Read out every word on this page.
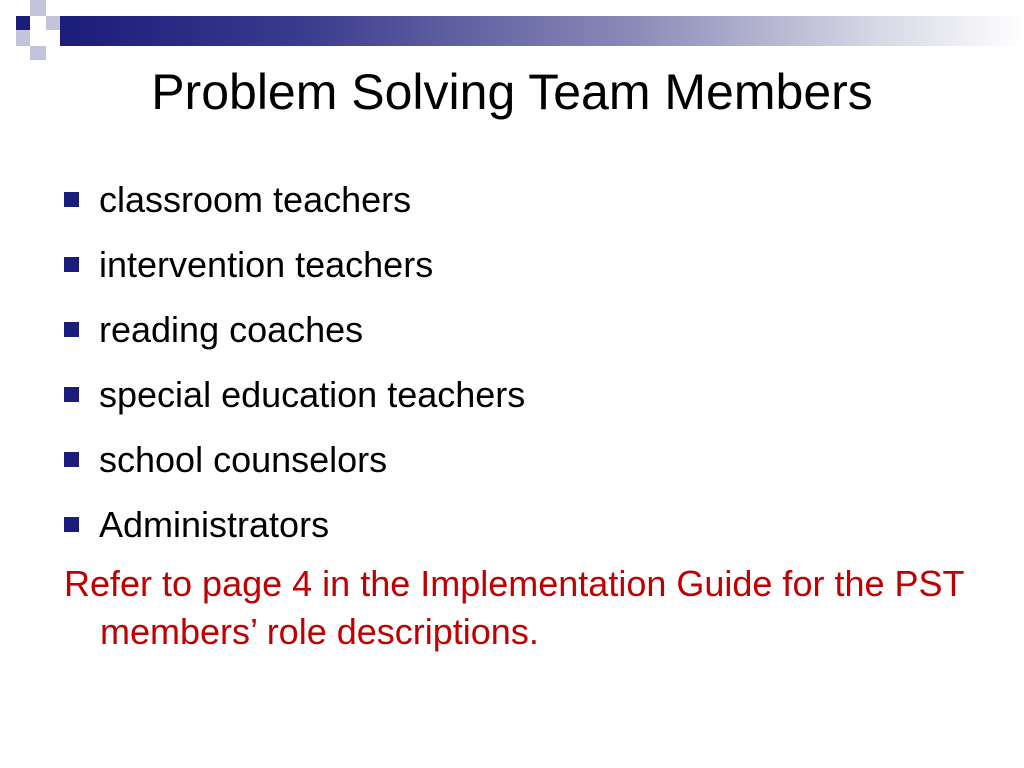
Problem Solving Team Members
classroom teachers
intervention teachers
reading coaches
special education teachers
school counselors
Administrators

Refer to page 4 in the Implementation Guide for the PST members’ role descriptions.
